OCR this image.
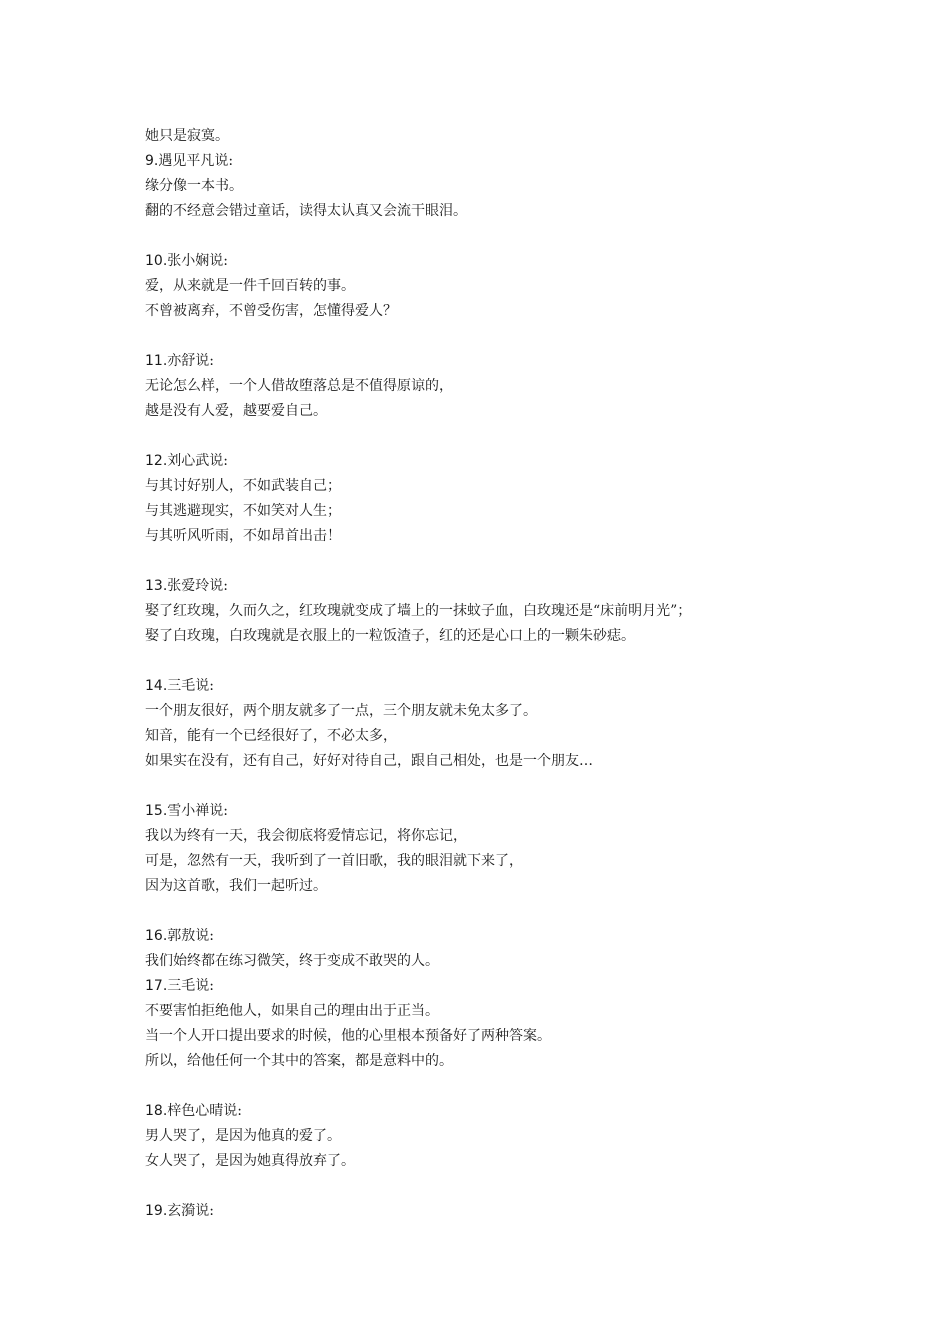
她只是寂寞。
9.遇见平凡说:
缘分像一本书。
翻的不经意会错过童话，读得太认真又会流干眼泪。
10.张小娴说:
爱，从来就是一件千回百转的事。
不曾被离弃，不曾受伤害，怎懂得爱人？
11.亦舒说:
无论怎么样，一个人借故堕落总是不值得原谅的，
越是没有人爱，越要爱自己。
12.刘心武说:
与其讨好别人，不如武装自己；
与其逃避现实，不如笑对人生；
与其听风听雨，不如昂首出击！
13.张爱玲说:
娶了红玫瑰，久而久之，红玫瑰就变成了墙上的一抹蚊子血，白玫瑰还是“床前明月光”；
娶了白玫瑰，白玫瑰就是衣服上的一粒饭渣子，红的还是心口上的一颗朱砂痣。
14.三毛说:
一个朋友很好，两个朋友就多了一点，三个朋友就未免太多了。
知音，能有一个已经很好了，不必太多，
如果实在没有，还有自己，好好对待自己，跟自己相处，也是一个朋友…
15.雪小禅说:
我以为终有一天，我会彻底将爱情忘记，将你忘记，
可是，忽然有一天，我听到了一首旧歌，我的眼泪就下来了，
因为这首歌，我们一起听过。
16.郭敖说:
我们始终都在练习微笑，终于变成不敢哭的人。
17.三毛说:
不要害怕拒绝他人，如果自己的理由出于正当。
当一个人开口提出要求的时候，他的心里根本预备好了两种答案。
所以，给他任何一个其中的答案，都是意料中的。
18.梓色心晴说:
男人哭了，是因为他真的爱了。
女人哭了，是因为她真得放弃了。
19.玄漪说:
